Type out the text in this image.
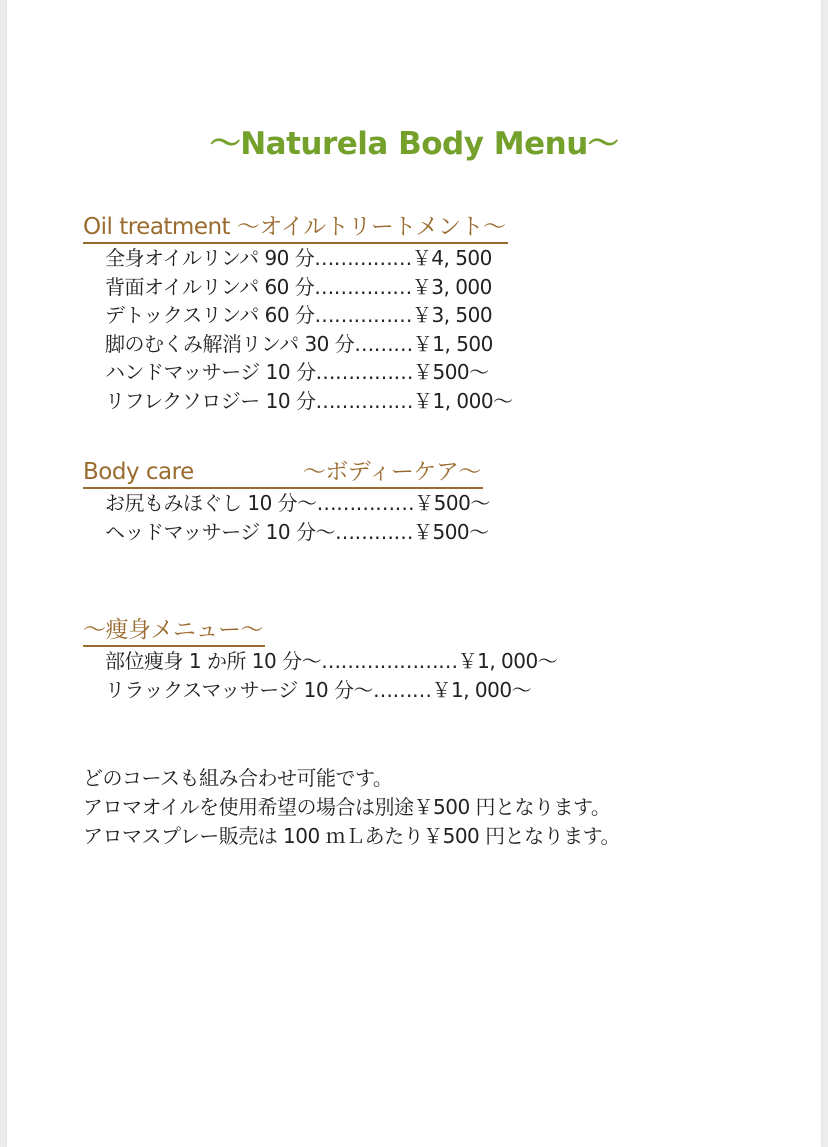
〜Naturela Body Menu〜
Oil treatment ～オイルトリートメント～
全身オイルリンパ 90 分……………￥4, 500
背面オイルリンパ 60 分……………￥3, 000
デトックスリンパ 60 分……………￥3, 500
脚のむくみ解消リンパ 30 分………￥1, 500
ハンドマッサージ 10 分……………￥500〜
リフレクソロジー 10 分……………￥1, 000〜
Body care                ～ボディーケア～
お尻もみほぐし 10 分〜……………￥500〜
ヘッドマッサージ 10 分〜…………￥500〜
～痩身メニュー～
部位痩身 1 か所 10 分〜…………………￥1, 000〜
リラックスマッサージ 10 分〜………￥1, 000〜
どのコースも組み合わせ可能です。
アロマオイルを使用希望の場合は別途￥500 円となります。
アロマスプレー販売は 100 ｍＬあたり￥500 円となります。
